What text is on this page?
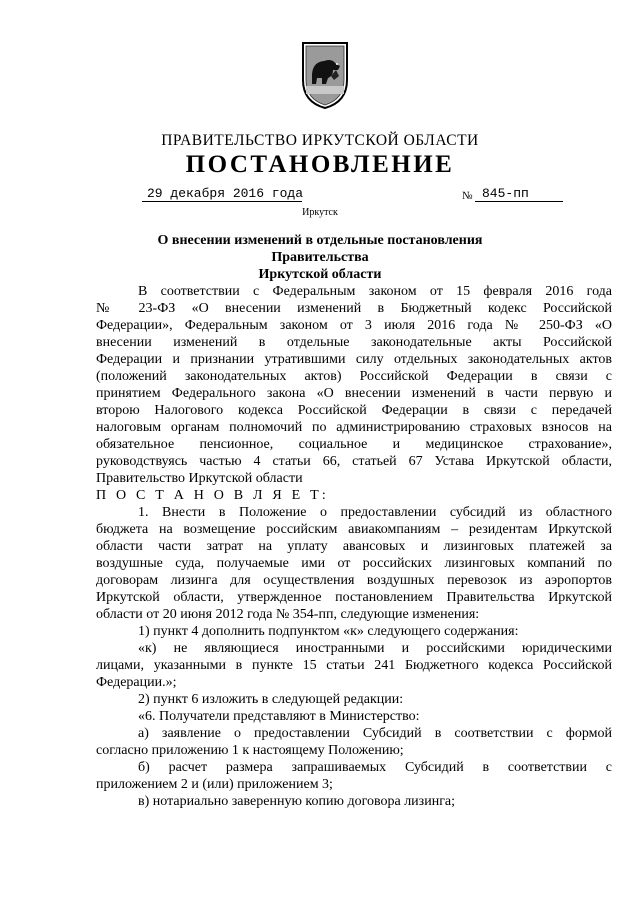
ПРАВИТЕЛЬСТВО ИРКУТСКОЙ ОБЛАСТИ
ПОСТАНОВЛЕНИЕ
29 декабря 2016 года	№ 845-пп
Иркутск
О внесении изменений в отдельные постановления Правительства
Иркутской области

В соответствии с Федеральным законом от 15 февраля 2016 года

№ 23-ФЗ «О внесении изменений в Бюджетный кодекс Российской

Федерации», Федеральным законом от 3 июля 2016 года № 250-ФЗ «О

внесении изменений в отдельные законодательные акты Российской

Федерации и признании утратившими силу отдельных законодательных актов

(положений законодательных актов) Российской Федерации в связи с

принятием Федерального закона «О внесении изменений в части первую и

второю Налогового кодекса Российской Федерации в связи с передачей

налоговым органам полномочий по администрированию страховых взносов на

обязательное пенсионное, социальное и медицинское страхование»,

руководствуясь частью 4 статьи 66, статьей 67 Устава Иркутской области,

Правительство Иркутской области

П О С Т А Н О В Л Я Е Т:

1. Внести в Положение о предоставлении субсидий из областного

бюджета на возмещение российским авиакомпаниям – резидентам Иркутской

области части затрат на уплату авансовых и лизинговых платежей за

воздушные суда, получаемые ими от российских лизинговых компаний по

договорам лизинга для осуществления воздушных перевозок из аэропортов

Иркутской области, утвержденное постановлением Правительства Иркутской

области от 20 июня 2012 года № 354-пп, следующие изменения:

1) пункт 4 дополнить подпунктом «к» следующего содержания:

«к) не являющиеся иностранными и российскими юридическими

лицами, указанными в пункте 15 статьи 241 Бюджетного кодекса Российской

Федерации.»;

2) пункт 6 изложить в следующей редакции:

«6. Получатели представляют в Министерство:

а) заявление о предоставлении Субсидий в соответствии с формой

согласно приложению 1 к настоящему Положению;

б) расчет размера запрашиваемых Субсидий в соответствии с

приложением 2 и (или) приложением 3;

в) нотариально заверенную копию договора лизинга;
